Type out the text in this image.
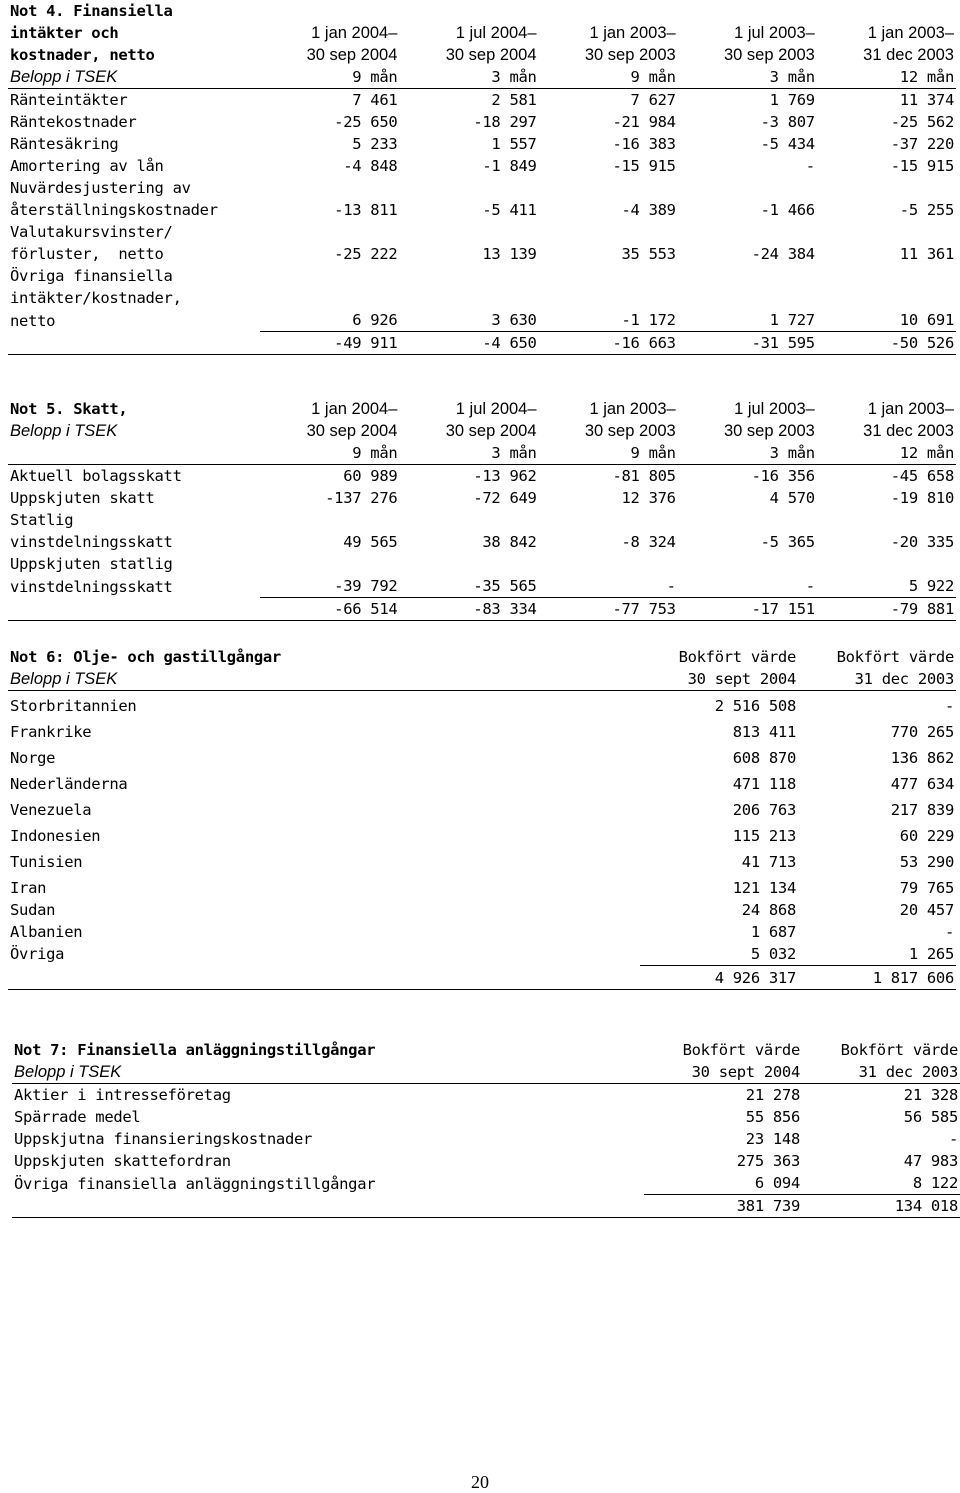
Not 4. Finansiella					
intäkter och	1 jan 2004–	1 jul 2004–	1 jan 2003–	1 jul 2003–	1 jan 2003–
kostnader, netto	30 sep 2004	30 sep 2004	30 sep 2003	30 sep 2003	31 dec 2003
Belopp i TSEK	9 mån	3 mån	9 mån	3 mån	12 mån
Ränteintäkter	7 461	2 581	7 627	1 769	11 374
Räntekostnader	-25 650	-18 297	-21 984	-3 807	-25 562
Räntesäkring	5 233	1 557	-16 383	-5 434	-37 220
Amortering av lån	-4 848	-1 849	-15 915	-	-15 915
Nuvärdesjustering av					
återställningskostnader	-13 811	-5 411	-4 389	-1 466	-5 255
Valutakursvinster/					
förluster,  netto	-25 222	13 139	35 553	-24 384	11 361
Övriga finansiella					
intäkter/kostnader,					
netto	6 926	3 630	-1 172	1 727	10 691
	-49 911	-4 650	-16 663	-31 595	-50 526
Not 5. Skatt,	1 jan 2004–	1 jul 2004–	1 jan 2003–	1 jul 2003–	1 jan 2003–
Belopp i TSEK	30 sep 2004	30 sep 2004	30 sep 2003	30 sep 2003	31 dec 2003
	9 mån	3 mån	9 mån	3 mån	12 mån
Aktuell bolagsskatt	60 989	-13 962	-81 805	-16 356	-45 658
Uppskjuten skatt	-137 276	-72 649	12 376	4 570	-19 810
Statlig					
vinstdelningsskatt	49 565	38 842	-8 324	-5 365	-20 335
Uppskjuten statlig					
vinstdelningsskatt	-39 792	-35 565	-	-	5 922
	-66 514	-83 334	-77 753	-17 151	-79 881
Not 6: Olje- och gastillgångar	Bokfört värde	Bokfört värde
Belopp i TSEK	30 sept 2004	31 dec 2003
Storbritannien	2 516 508	-
Frankrike	813 411	770 265
Norge	608 870	136 862
Nederländerna	471 118	477 634
Venezuela	206 763	217 839
Indonesien	115 213	60 229
Tunisien	41 713	53 290
Iran	121 134	79 765
Sudan	24 868	20 457
Albanien	1 687	-
Övriga	5 032	1 265
	4 926 317	1 817 606
Not 7: Finansiella anläggningstillgångar	Bokfört värde	Bokfört värde
Belopp i TSEK	30 sept 2004	31 dec 2003
Aktier i intresseföretag	21 278	21 328
Spärrade medel	55 856	56 585
Uppskjutna finansieringskostnader	23 148	-
Uppskjuten skattefordran	275 363	47 983
Övriga finansiella anläggningstillgångar	6 094	8 122
	381 739	134 018
20
